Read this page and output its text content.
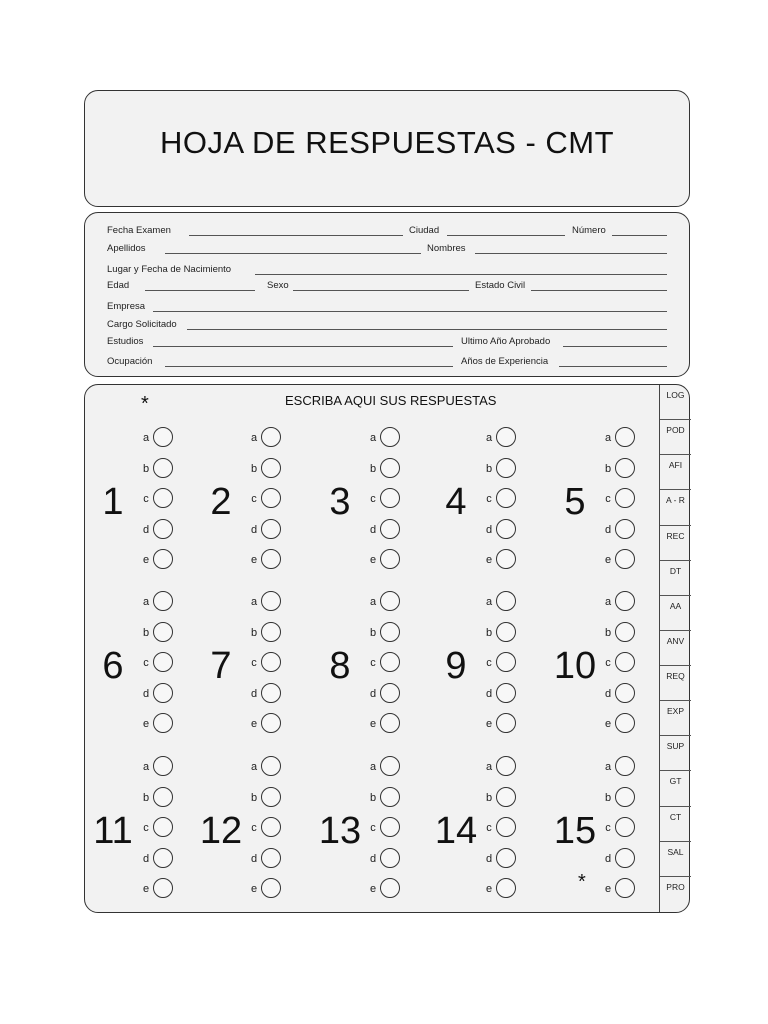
HOJA DE RESPUESTAS - CMT
Fecha Examen	Ciudad	Número
Apellidos	Nombres
Lugar y Fecha de Nacimiento
Edad	Sexo	Estado Civil
Empresa
Cargo Solicitado
Estudios	Ultimo Año Aprobado
Ocupación	Años de Experiencia
*	ESCRIBA AQUI SUS RESPUESTAS
1
a
b
c
d
e
2
a
b
c
d
e
3
a
b
c
d
e
4
a
b
c
d
e
5
a
b
c
d
e
6
a
b
c
d
e
7
a
b
c
d
e
8
a
b
c
d
e
9
a
b
c
d
e
10
a
b
c
d
e
11
a
b
c
d
e
12
a
b
c
d
e
13
a
b
c
d
e
14
a
b
c
d
e
15
a
b
c
d
e
*
LOG
POD
AFI
A - R
REC
DT
AA
ANV
REQ
EXP
SUP
GT
CT
SAL
PRO
